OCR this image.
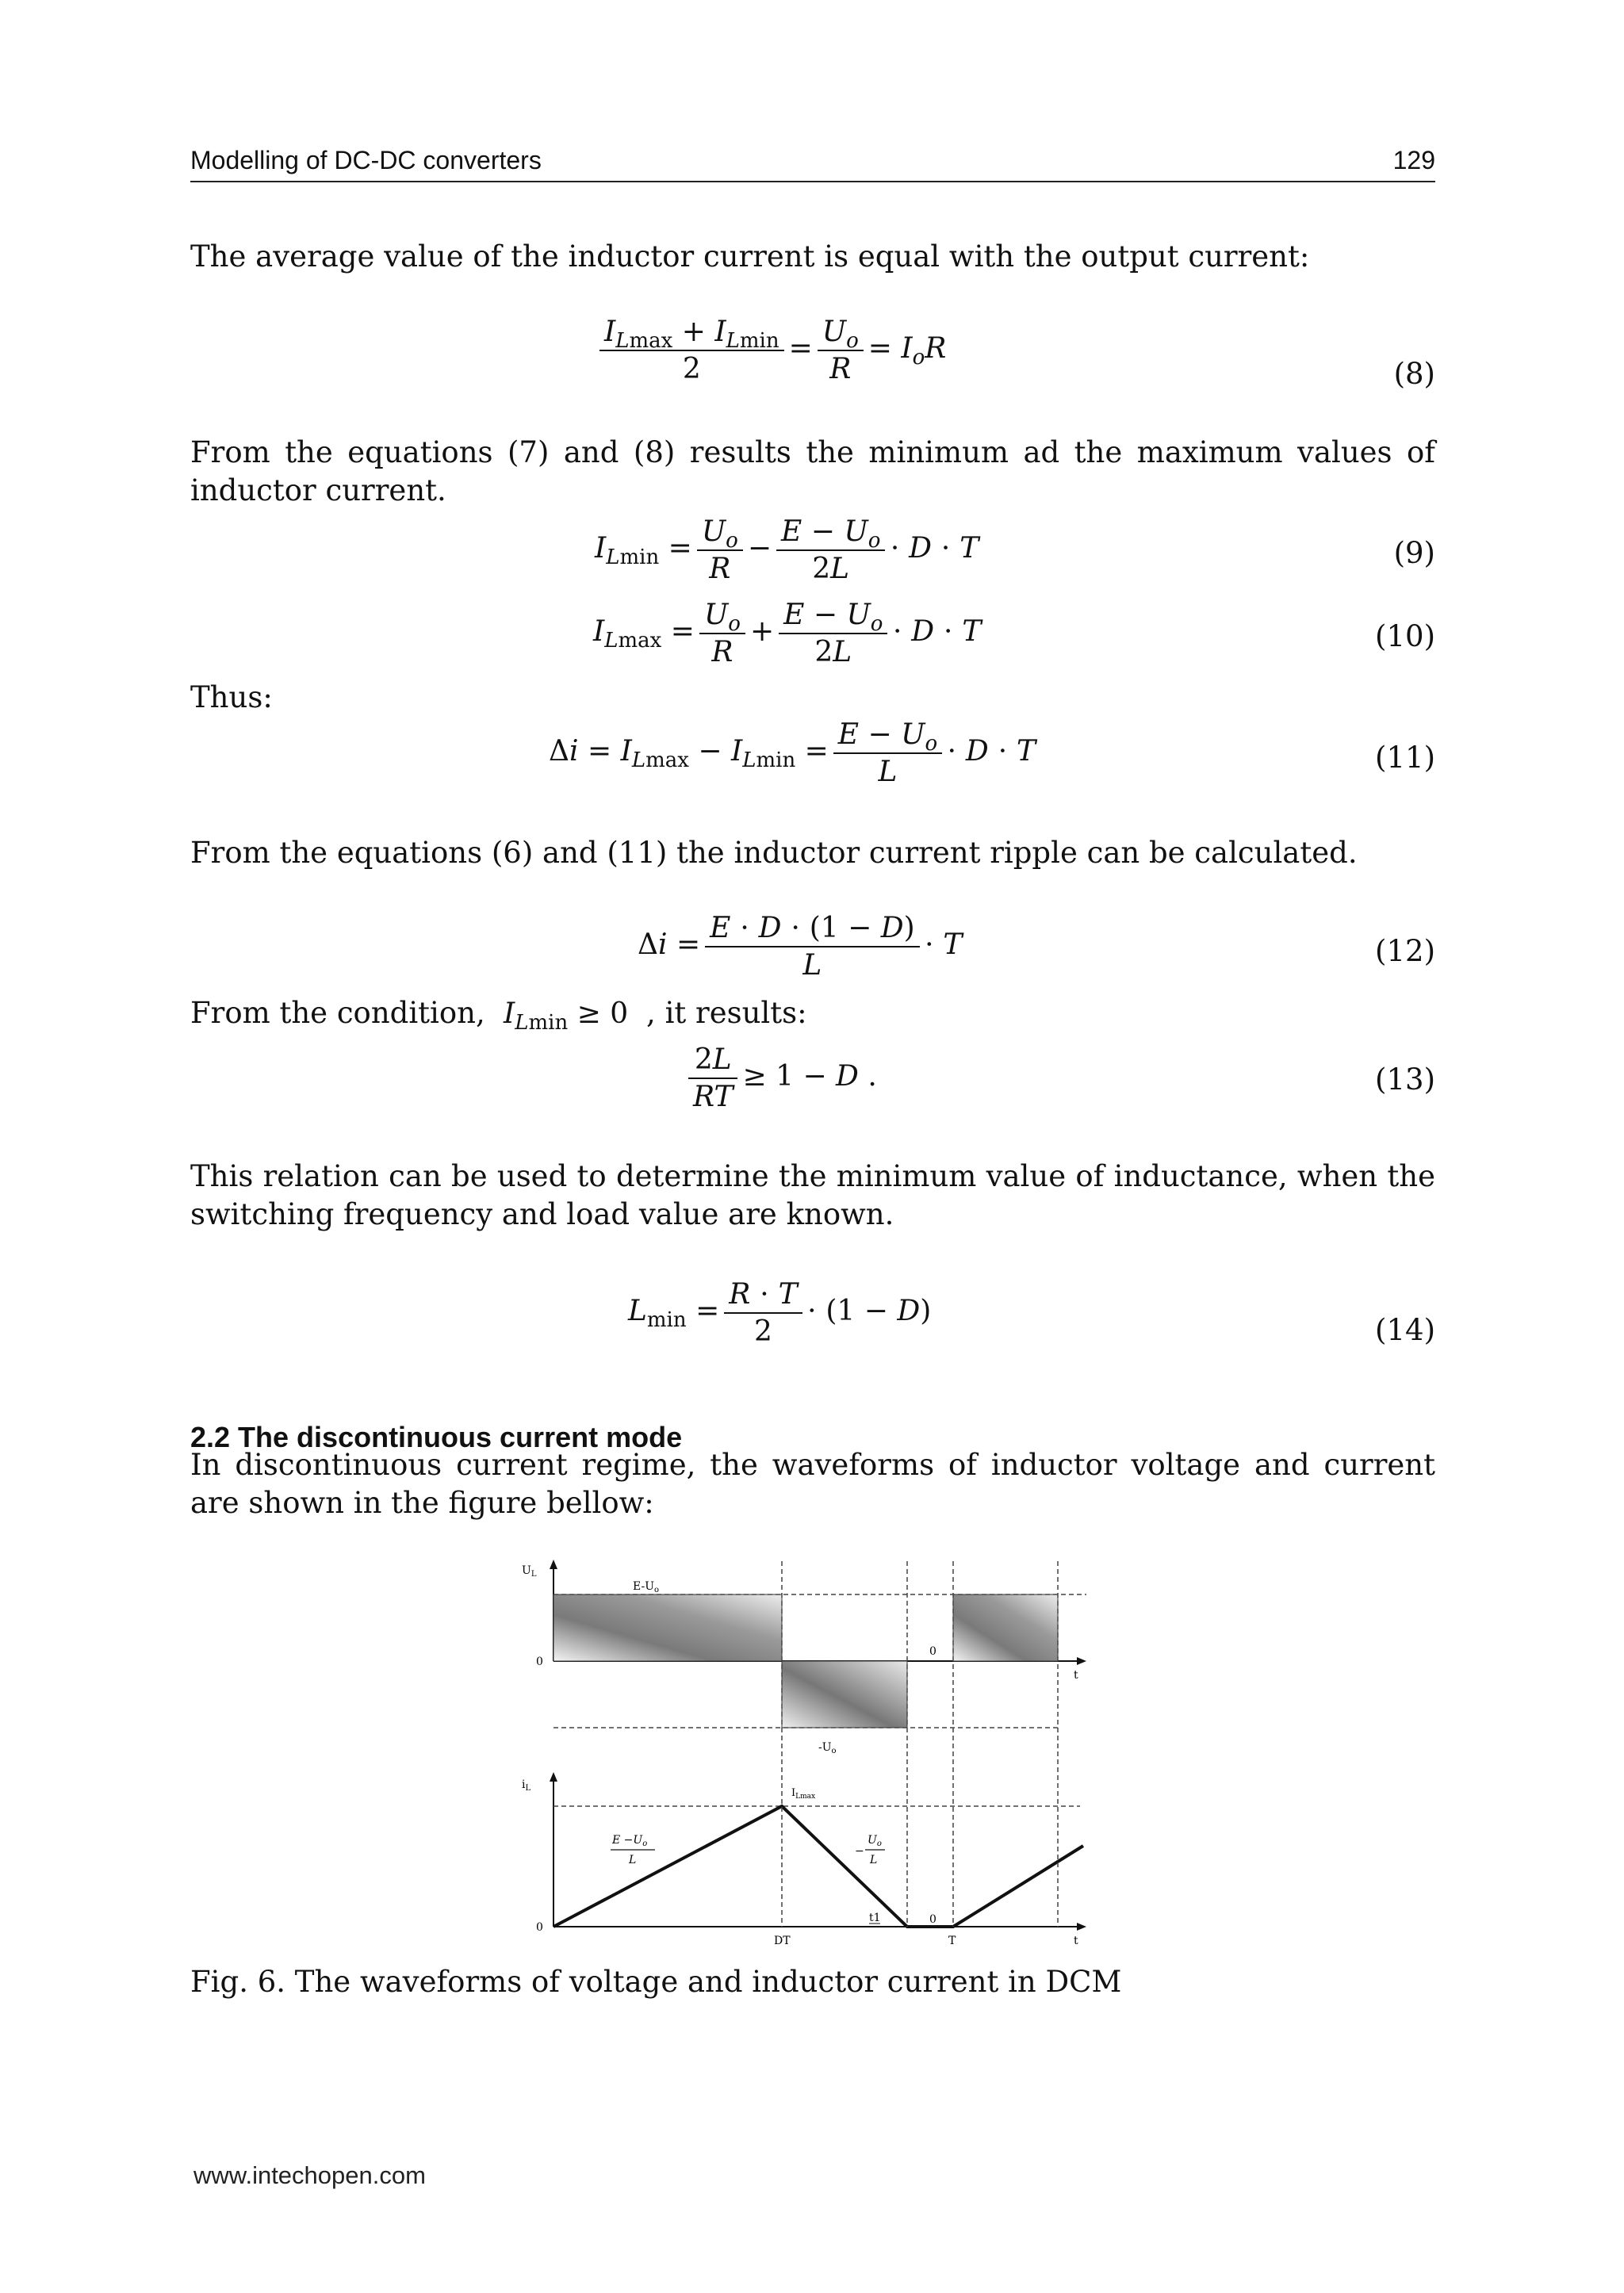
Modelling of DC-DC converters	129

The average value of the inductor current is equal with the output current:

$\frac{I_{Lmax} + I_{Lmin}}{2} = \frac{U_o}{R} = I_oR$
(8)

From the equations (7) and (8) results the minimum ad the maximum values of inductor current.

$I_{Lmin} = \frac{U_o}{R} - \frac{E - U_o}{2L} \cdot D \cdot T$	(9)
$I_{Lmax} = \frac{U_o}{R} + \frac{E - U_o}{2L} \cdot D \cdot T$	(10)

Thus:

$\Delta i = I_{Lmax} - I_{Lmin} = \frac{E - U_o}{L} \cdot D \cdot T$	(11)

From the equations (6) and (11) the inductor current ripple can be calculated.

$\Delta i = \frac{E \cdot D \cdot (1 - D)}{L} \cdot T$	(12)
From the condition, $I_{Lmin} \ge 0$  , it results:
$\frac{2L}{RT} \ge 1 - D$ .	(13)

This relation can be used to determine the minimum value of inductance, when the switching frequency and load value are known.

$L_{min} = \frac{R \cdot T}{2} \cdot (1 - D)$
(14)
2.2 The discontinuous current mode

In discontinuous current regime, the waveforms of inductor voltage and current are shown in the figure bellow:

$U_L$
$E-U_o$
0
0
$-U_o$
t
$i_L$	$I_{Lmax}$
0
0
$E -U_o$
L
−
$U_o$
L
DT
t1
T	t
Fig. 6. The waveforms of voltage and inductor current in DCM
www.intechopen.com
